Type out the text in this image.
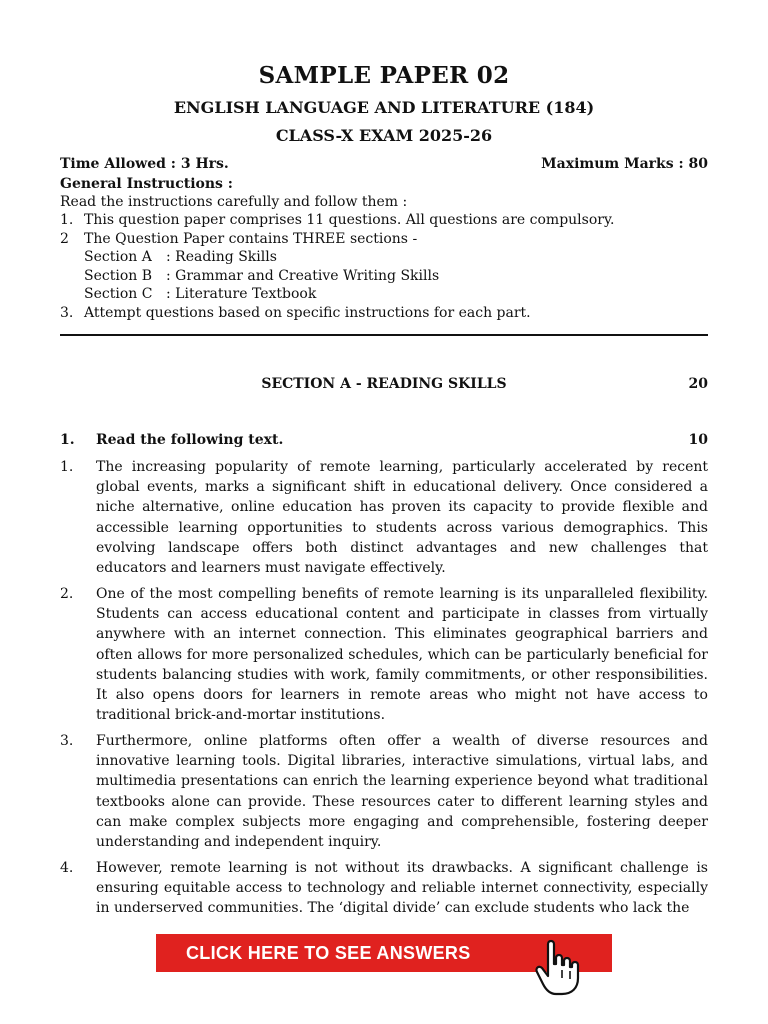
SAMPLE PAPER 02
ENGLISH LANGUAGE AND LITERATURE (184)
CLASS-X EXAM 2025-26
Time Allowed : 3 Hrs.	Maximum Marks : 80
General Instructions :
Read the instructions carefully and follow them :
1. This question paper comprises 11 questions. All questions are compulsory.
2 The Question Paper contains THREE sections -
Section A : Reading Skills
Section B : Grammar and Creative Writing Skills
Section C : Literature Textbook
3. Attempt questions based on specific instructions for each part.
SECTION A - READING SKILLS	20
1. Read the following text.	10
1. The increasing popularity of remote learning, particularly accelerated by recent global events, marks a significant shift in educational delivery. Once considered a niche alternative, online education has proven its capacity to provide flexible and accessible learning opportunities to students across various demographics. This evolving landscape offers both distinct advantages and new challenges that educators and learners must navigate effectively.
2. One of the most compelling benefits of remote learning is its unparalleled flexibility. Students can access educational content and participate in classes from virtually anywhere with an internet connection. This eliminates geographical barriers and often allows for more personalized schedules, which can be particularly beneficial for students balancing studies with work, family commitments, or other responsibilities. It also opens doors for learners in remote areas who might not have access to traditional brick-and-mortar institutions.
3. Furthermore, online platforms often offer a wealth of diverse resources and innovative learning tools. Digital libraries, interactive simulations, virtual labs, and multimedia presentations can enrich the learning experience beyond what traditional textbooks alone can provide. These resources cater to different learning styles and can make complex subjects more engaging and comprehensible, fostering deeper understanding and independent inquiry.
4. However, remote learning is not without its drawbacks. A significant challenge is ensuring equitable access to technology and reliable internet connectivity, especially in underserved communities. The ‘digital divide’ can exclude students who lack the
CLICK HERE TO SEE ANSWERS
